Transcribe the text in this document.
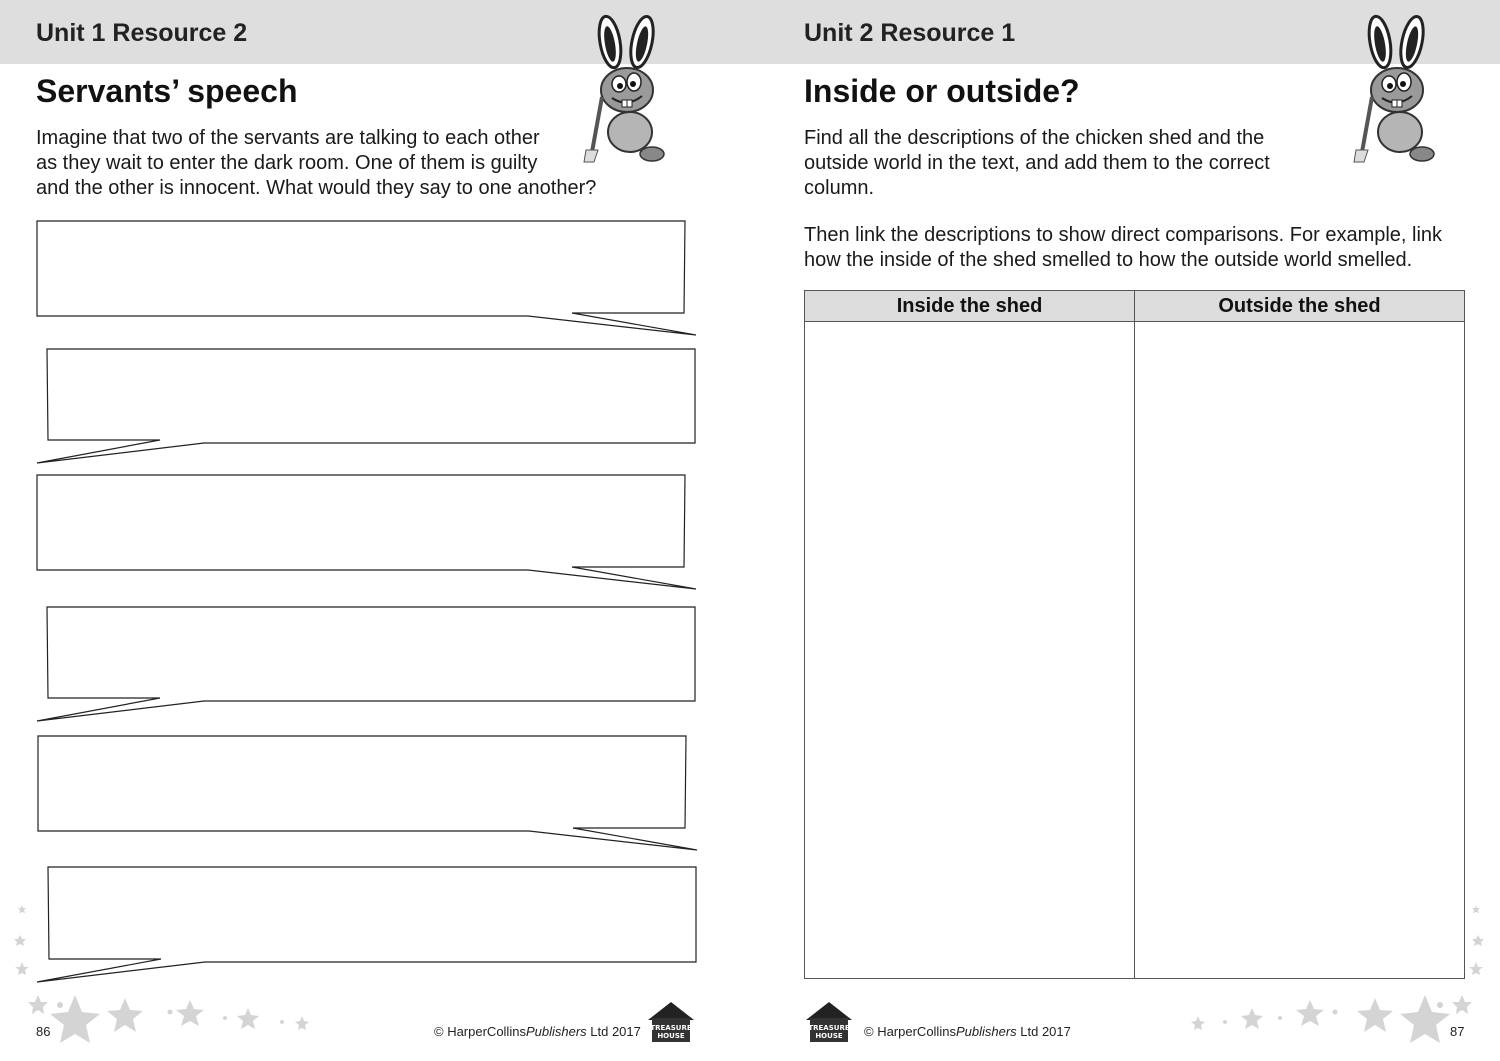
Unit 1 Resource 2
Servants’ speech
Imagine that two of the servants are talking to each other
as they wait to enter the dark room. One of them is guilty
and the other is innocent. What would they say to one another?
Unit 2 Resource 1
Inside or outside?
Find all the descriptions of the chicken shed and the
outside world in the text, and add them to the correct
column.
Then link the descriptions to show direct comparisons. For example, link
how the inside of the shed smelled to how the outside world smelled.
Inside the shed	Outside the shed
86	© HarperCollinsPublishers Ltd 2017 TREASURE
HOUSE
TREASURE
HOUSE © HarperCollinsPublishers Ltd 2017	87
